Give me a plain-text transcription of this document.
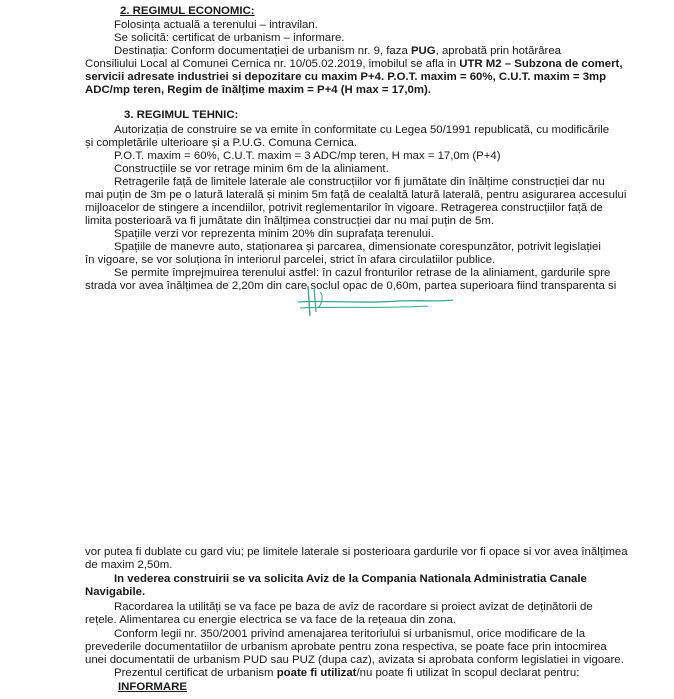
2. REGIMUL ECONOMIC:
Folosința actuală a terenului – intravilan.
Se solicită: certificat de urbanism – informare.
Destinația: Conform documentației de urbanism nr. 9, faza PUG, aprobată prin hotărârea
Consiliului Local al Comunei Cernica nr. 10/05.02.2019, imobilul se afla in UTR M2 – Subzona de comert,
servicii adresate industriei si depozitare cu maxim P+4. P.O.T. maxim = 60%, C.U.T. maxim = 3mp
ADC/mp teren, Regim de înălțime maxim = P+4 (H max = 17,0m).
3. REGIMUL TEHNIC:
Autorizația de construire se va emite în conformitate cu Legea 50/1991 republicată, cu modificările
și completările ulterioare și a P.U.G. Comuna Cernica.
P.O.T. maxim = 60%, C.U.T. maxim = 3 ADC/mp teren, H max = 17,0m (P+4)
Construcțiile se vor retrage minim 6m de la aliniament.
Retragerile față de limitele laterale ale construcțiilor vor fi jumătate din înălțime construcției dar nu
mai puțin de 3m pe o latură laterală și minim 5m față de cealaltă latură laterală, pentru asigurarea accesului
mijloacelor de stingere a incendiilor, potrivit reglementarilor în vigoare. Retragerea construcțiilor față de
limita posterioară va fi jumătate din înălțimea construcției dar nu mai puțin de 5m.
Spațiile verzi vor reprezenta minim 20% din suprafața terenului.
Spațiile de manevre auto, staționarea și parcarea, dimensionate corespunzător, potrivit legislației
în vigoare, se vor soluționa în interiorul parcelei, strict în afara circulatiilor publice.
Se permite împrejmuirea terenului astfel: în cazul fronturilor retrase de la aliniament, gardurile spre
strada vor avea înălțimea de 2,20m din care soclul opac de 0,60m, partea superioara fiind transparenta si
vor putea fi dublate cu gard viu; pe limitele laterale si posterioara gardurile vor fi opace si vor avea înălțimea
de maxim 2,50m.
In vederea construirii se va solicita Aviz de la Compania Nationala Administratia Canale
Navigabile.
Racordarea la utilități se va face pe baza de aviz de racordare si proiect avizat de deținătorii de
rețele. Alimentarea cu energie electrica se va face de la rețeaua din zona.
Conform legii nr. 350/2001 privind amenajarea teritoriului si urbanismul, orice modificare de la
prevederile documentatiilor de urbanism aprobate pentru zona respectiva, se poate face prin intocmirea
unei documentatii de urbanism PUD sau PUZ (dupa caz), avizata si aprobata conform legislatiei in vigoare.
Prezentul certificat de urbanism poate fi utilizat/nu poate fi utilizat în scopul declarat pentru:
INFORMARE
